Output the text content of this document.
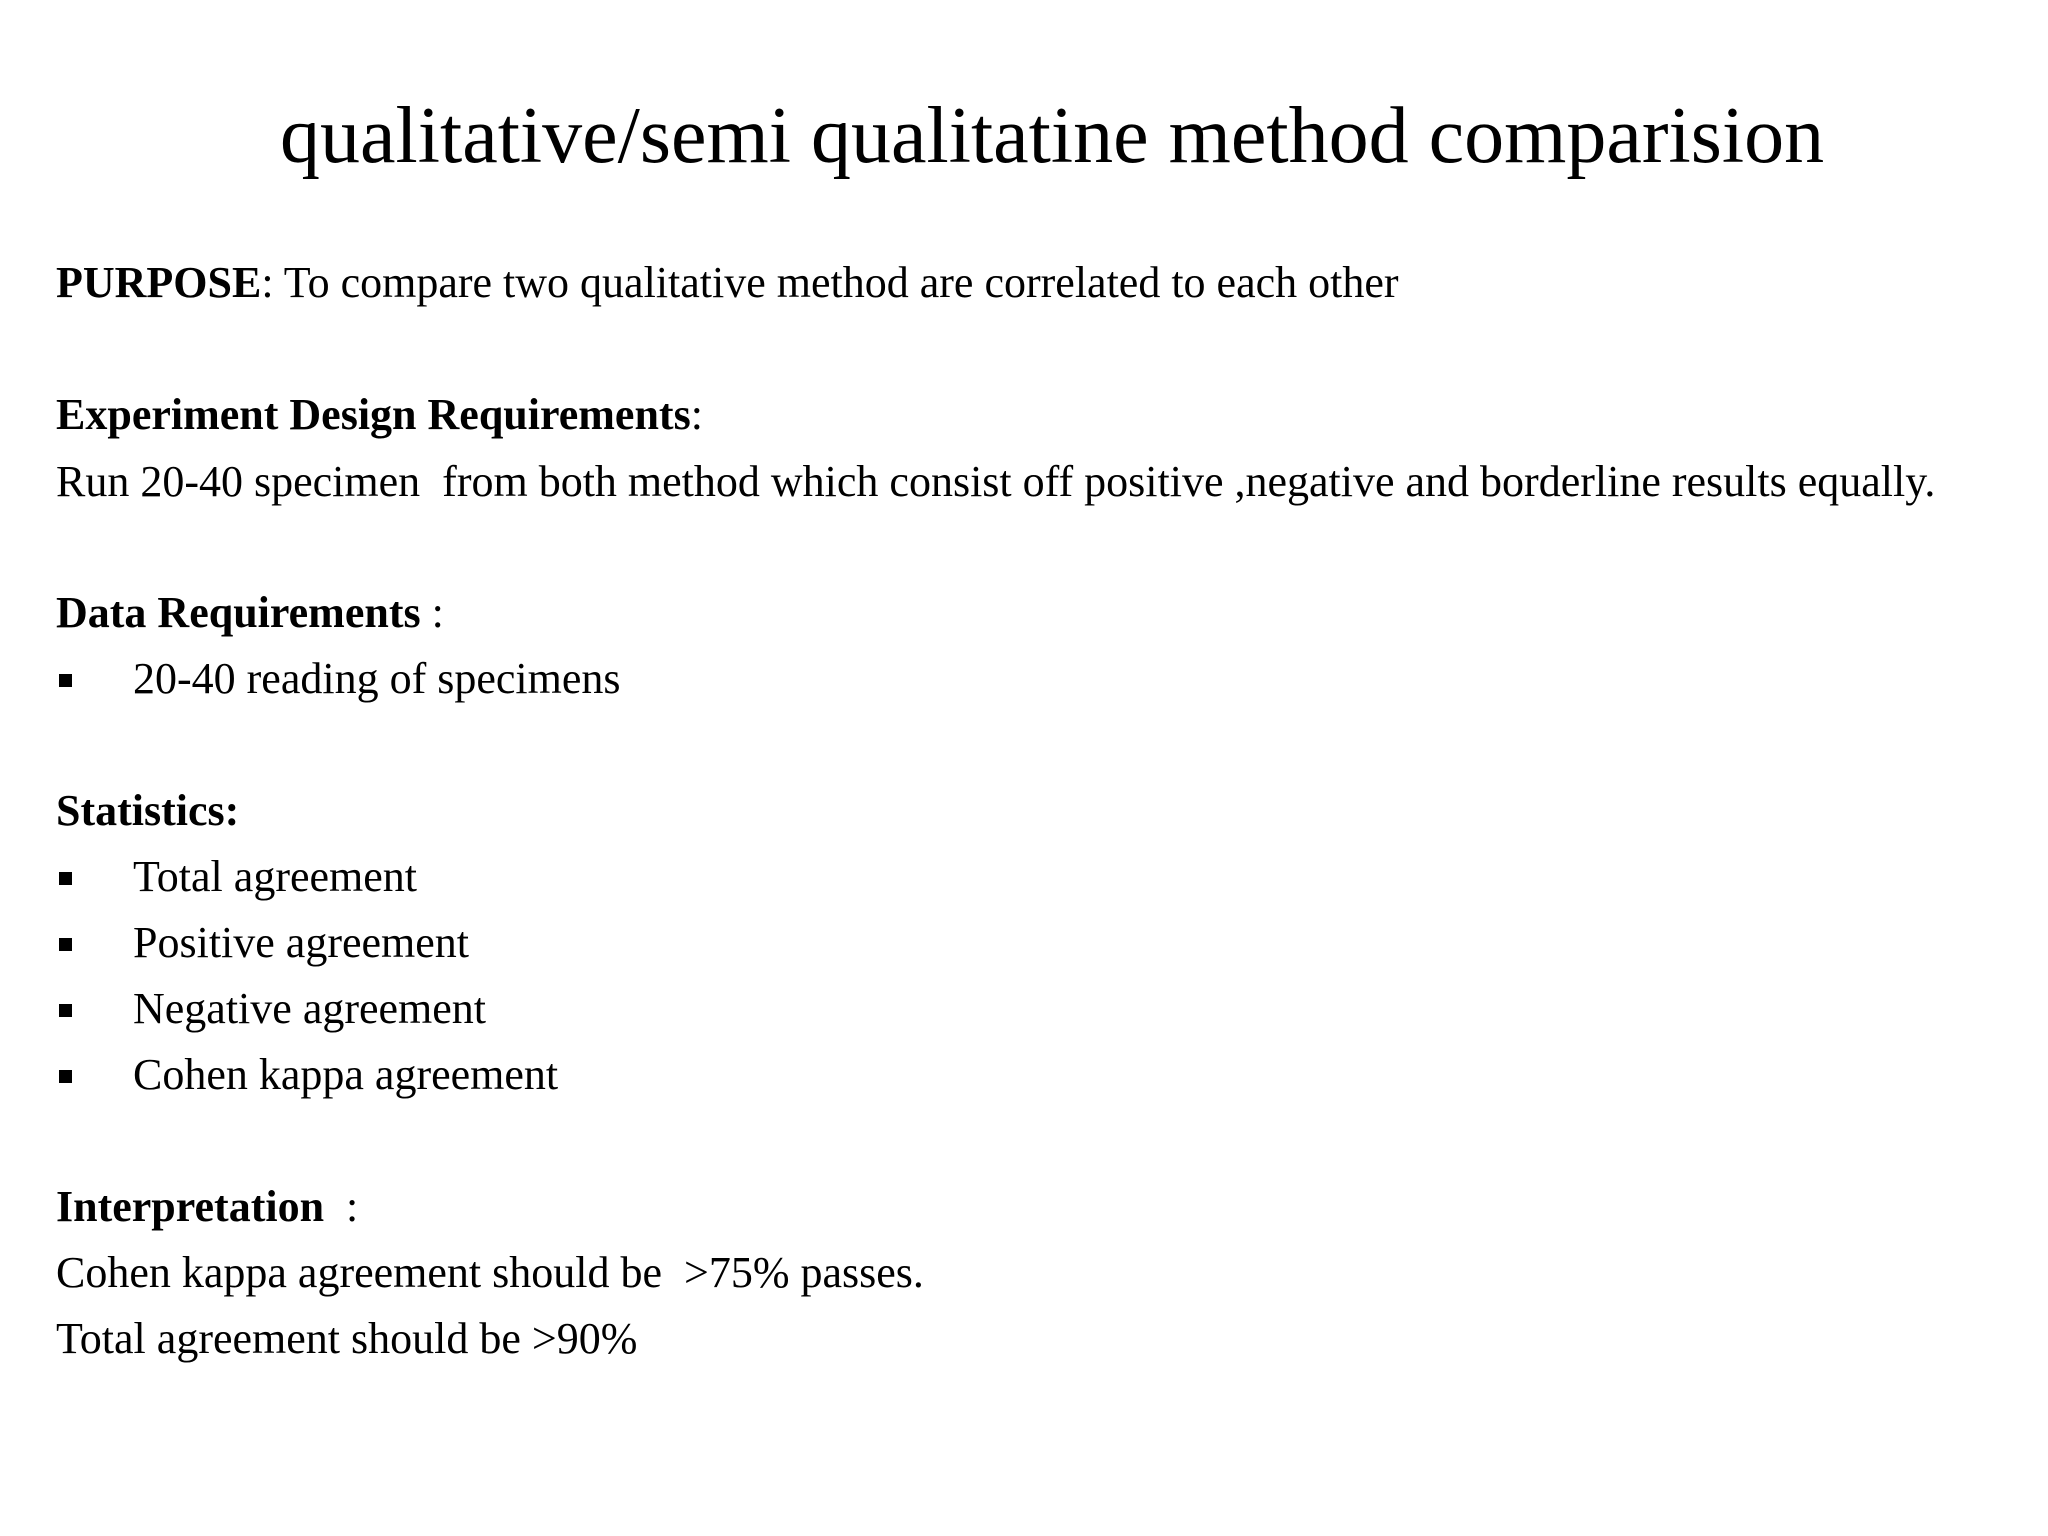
qualitative/semi qualitatine method comparision

PURPOSE: To compare two qualitative method are correlated to each other

Experiment Design Requirements:

Run 20-40 specimen  from both method which consist off positive ,negative and borderline results equally.

Data Requirements :

20-40 reading of specimens

Statistics:

Total agreement
Positive agreement
Negative agreement
Cohen kappa agreement

Interpretation  :

Cohen kappa agreement should be  >75% passes.

Total agreement should be >90%
